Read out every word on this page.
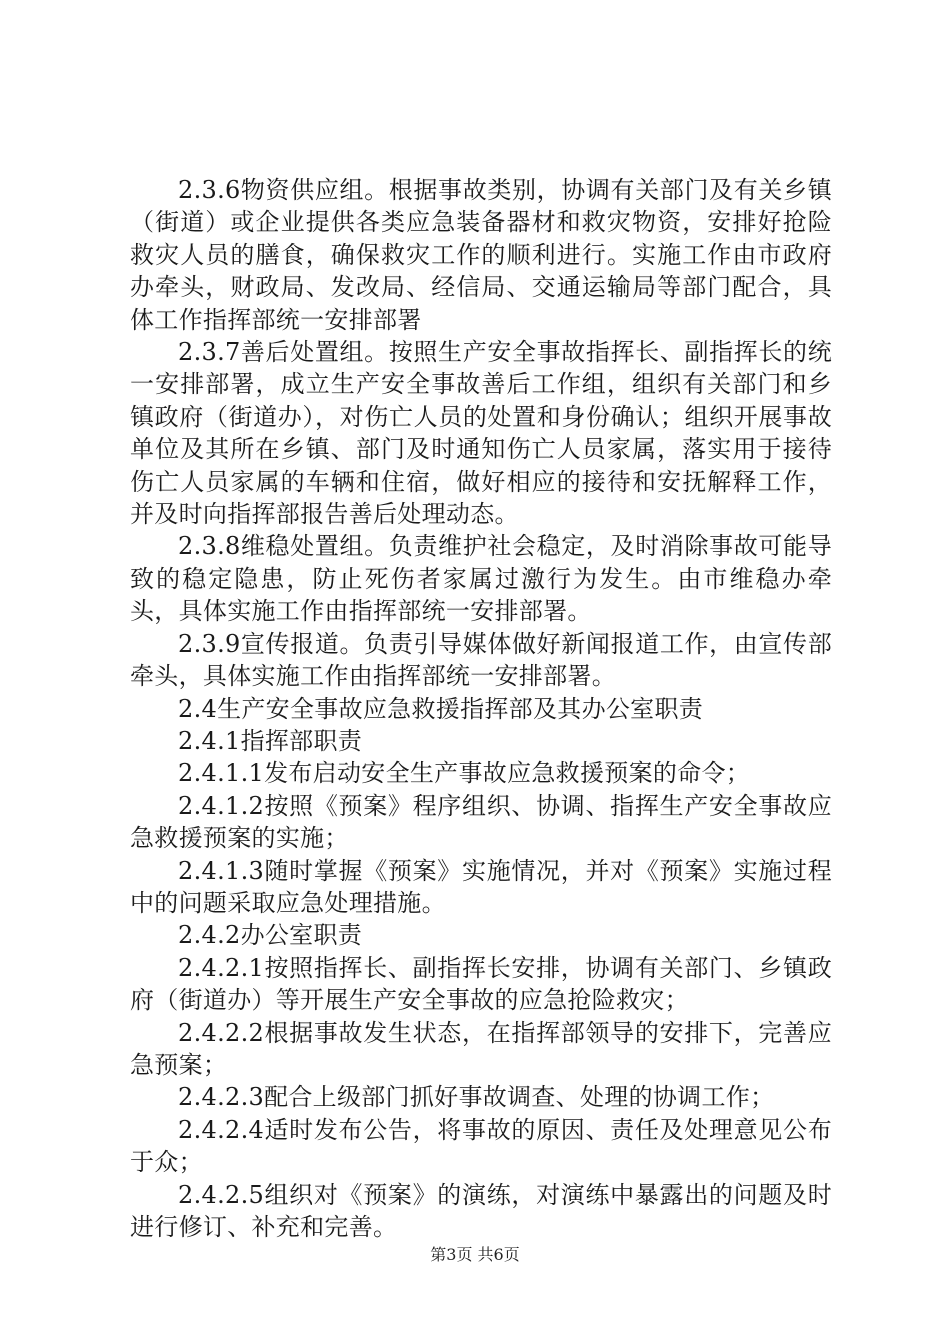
2.3.6物资供应组。根据事故类别，协调有关部门及有关乡镇（街道）或企业提供各类应急装备器材和救灾物资，安排好抢险救灾人员的膳食，确保救灾工作的顺利进行。实施工作由市政府办牵头，财政局、发改局、经信局、交通运输局等部门配合，具体工作指挥部统一安排部署

2.3.7善后处置组。按照生产安全事故指挥长、副指挥长的统一安排部署，成立生产安全事故善后工作组，组织有关部门和乡镇政府（街道办），对伤亡人员的处置和身份确认；组织开展事故单位及其所在乡镇、部门及时通知伤亡人员家属，落实用于接待伤亡人员家属的车辆和住宿，做好相应的接待和安抚解释工作，并及时向指挥部报告善后处理动态。

2.3.8维稳处置组。负责维护社会稳定，及时消除事故可能导致的稳定隐患，防止死伤者家属过激行为发生。由市维稳办牵头，具体实施工作由指挥部统一安排部署。

2.3.9宣传报道。负责引导媒体做好新闻报道工作，由宣传部牵头，具体实施工作由指挥部统一安排部署。

2.4生产安全事故应急救援指挥部及其办公室职责

2.4.1指挥部职责

2.4.1.1发布启动安全生产事故应急救援预案的命令；

2.4.1.2按照《预案》程序组织、协调、指挥生产安全事故应急救援预案的实施；

2.4.1.3随时掌握《预案》实施情况，并对《预案》实施过程中的问题采取应急处理措施。

2.4.2办公室职责

2.4.2.1按照指挥长、副指挥长安排，协调有关部门、乡镇政府（街道办）等开展生产安全事故的应急抢险救灾；

2.4.2.2根据事故发生状态，在指挥部领导的安排下，完善应急预案；

2.4.2.3配合上级部门抓好事故调查、处理的协调工作；

2.4.2.4适时发布公告，将事故的原因、责任及处理意见公布于众；

2.4.2.5组织对《预案》的演练，对演练中暴露出的问题及时进行修订、补充和完善。

第3页 共6页
